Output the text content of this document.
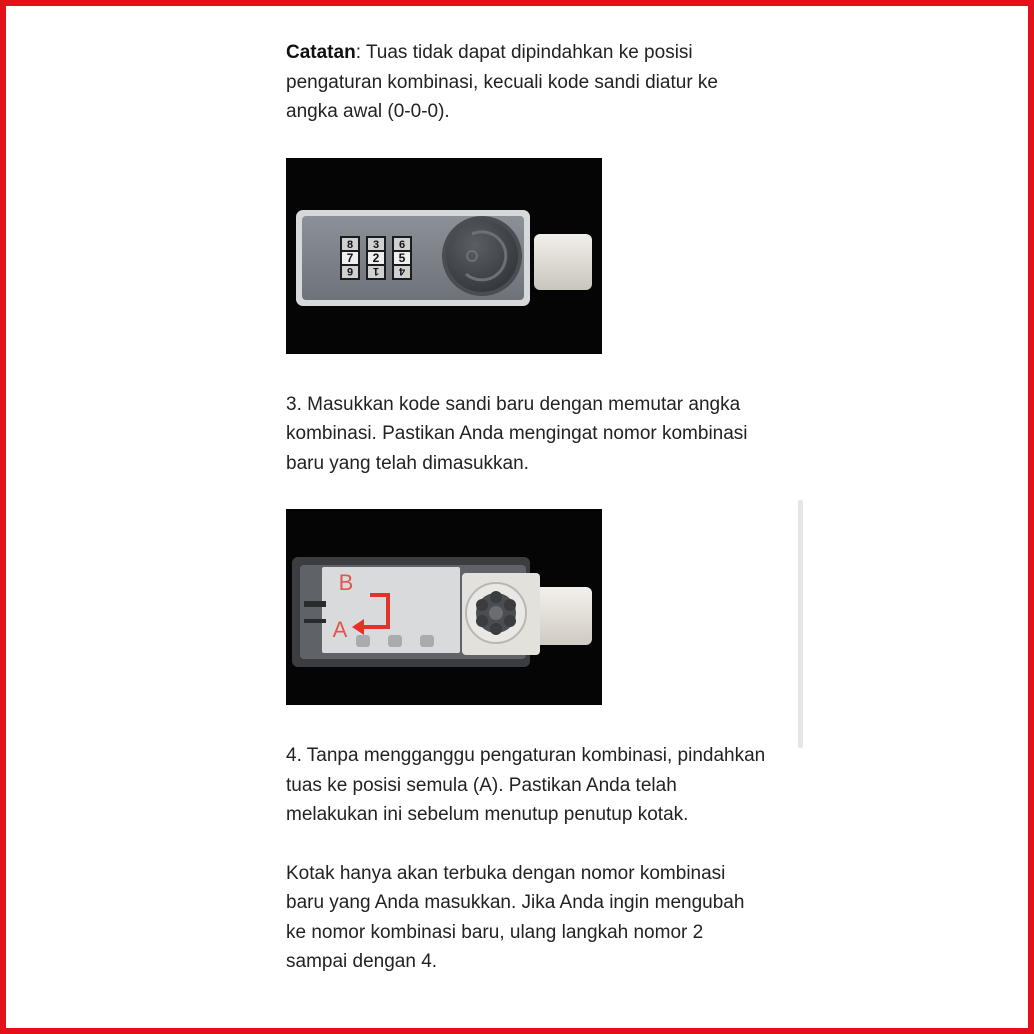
Catatan: Tuas tidak dapat dipindahkan ke posisi pengaturan kombinasi, kecuali kode sandi diatur ke angka awal (0-0-0).

8
7
6
3
2
1
6
5
4

3. Masukkan kode sandi baru dengan memutar angka kombinasi. Pastikan Anda mengingat nomor kombinasi baru yang telah dimasukkan.

B
A

4. Tanpa mengganggu pengaturan kombinasi, pindahkan tuas ke posisi semula (A). Pastikan Anda telah melakukan ini sebelum menutup penutup kotak.

Kotak hanya akan terbuka dengan nomor kombinasi baru yang Anda masukkan. Jika Anda ingin mengubah ke nomor kombinasi baru, ulang langkah nomor 2 sampai dengan 4.
